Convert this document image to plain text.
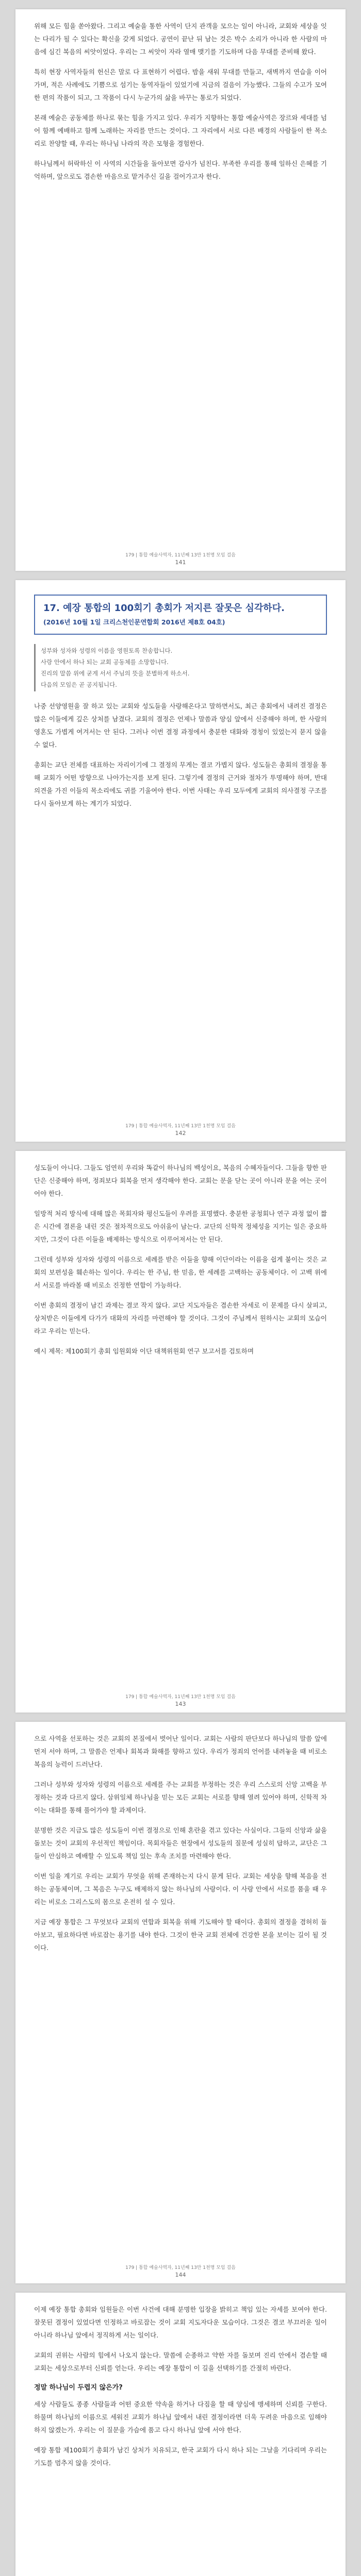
위해 모든 힘을 쏟아왔다. 그리고 예술을 통한 사역이 단지 관객을 모으는 일이 아니라, 교회와 세상을 잇는 다리가 될 수 있다는 확신을 갖게 되었다. 공연이 끝난 뒤 남는 것은 박수 소리가 아니라 한 사람의 마음에 심긴 복음의 씨앗이었다. 우리는 그 씨앗이 자라 열매 맺기를 기도하며 다음 무대를 준비해 왔다.

특히 현장 사역자들의 헌신은 말로 다 표현하기 어렵다. 밤을 새워 무대를 만들고, 새벽까지 연습을 이어가며, 적은 사례에도 기쁨으로 섬기는 동역자들이 있었기에 지금의 걸음이 가능했다. 그들의 수고가 모여 한 편의 작품이 되고, 그 작품이 다시 누군가의 삶을 바꾸는 통로가 되었다.

본래 예술은 공동체를 하나로 묶는 힘을 가지고 있다. 우리가 지향하는 통합 예술사역은 장르와 세대를 넘어 함께 예배하고 함께 노래하는 자리를 만드는 것이다. 그 자리에서 서로 다른 배경의 사람들이 한 목소리로 찬양할 때, 우리는 하나님 나라의 작은 모형을 경험한다.

하나님께서 허락하신 이 사역의 시간들을 돌아보면 감사가 넘친다. 부족한 우리를 통해 일하신 은혜를 기억하며, 앞으로도 겸손한 마음으로 맡겨주신 길을 걸어가고자 한다.

179 | 통합 예술사역자, 11년째 13만 1천명 모임 걸음
141
17. 예장 통합의 100회기 총회가 저지른 잘못은 심각하다.
(2016년 10월 1일 크리스천인문연합회 2016년 제8호 04호)

성부와 성자와 성령의 이름을 영원토록 찬송합니다.

사랑 안에서 하나 되는 교회 공동체를 소망합니다.

진리의 말씀 위에 굳게 서서 주님의 뜻을 분별하게 하소서.

다음의 모임은 곧 공지됩니다.

나중 선양영원을 잘 하고 있는 교회와 성도들을 사랑해온다고 말하면서도, 최근 총회에서 내려진 결정은 많은 이들에게 깊은 상처를 남겼다. 교회의 결정은 언제나 말씀과 양심 앞에서 신중해야 하며, 한 사람의 영혼도 가볍게 여겨서는 안 된다. 그러나 이번 결정 과정에서 충분한 대화와 경청이 있었는지 묻지 않을 수 없다.

총회는 교단 전체를 대표하는 자리이기에 그 결정의 무게는 결코 가볍지 않다. 성도들은 총회의 결정을 통해 교회가 어떤 방향으로 나아가는지를 보게 된다. 그렇기에 결정의 근거와 절차가 투명해야 하며, 반대 의견을 가진 이들의 목소리에도 귀를 기울여야 한다. 이번 사태는 우리 모두에게 교회의 의사결정 구조를 다시 돌아보게 하는 계기가 되었다.

179 | 통합 예술사역자, 11년째 13만 1천명 모임 걸음
142

성도들이 아니다. 그들도 엄연히 우리와 똑같이 하나님의 백성이요, 복음의 수혜자들이다. 그들을 향한 판단은 신중해야 하며, 정죄보다 회복을 먼저 생각해야 한다. 교회는 문을 닫는 곳이 아니라 문을 여는 곳이어야 한다.

일방적 처리 방식에 대해 많은 목회자와 평신도들이 우려를 표명했다. 충분한 공청회나 연구 과정 없이 짧은 시간에 결론을 내린 것은 절차적으로도 아쉬움이 남는다. 교단의 신학적 정체성을 지키는 일은 중요하지만, 그것이 다른 이들을 배제하는 방식으로 이루어져서는 안 된다.

그런데 성부와 성자와 성령의 이름으로 세례를 받은 이들을 향해 이단이라는 이름을 쉽게 붙이는 것은 교회의 보편성을 훼손하는 일이다. 우리는 한 주님, 한 믿음, 한 세례를 고백하는 공동체이다. 이 고백 위에서 서로를 바라볼 때 비로소 진정한 연합이 가능하다.

이번 총회의 결정이 남긴 과제는 결코 작지 않다. 교단 지도자들은 겸손한 자세로 이 문제를 다시 살피고, 상처받은 이들에게 다가가 대화의 자리를 마련해야 할 것이다. 그것이 주님께서 원하시는 교회의 모습이라고 우리는 믿는다.

예시 제목: 제100회기 총회 임원회와 이단 대책위원회 연구 보고서를 검토하며

179 | 통합 예술사역자, 11년째 13만 1천명 모임 걸음
143

으로 사역을 선포하는 것은 교회의 본질에서 벗어난 일이다. 교회는 사람의 판단보다 하나님의 말씀 앞에 먼저 서야 하며, 그 말씀은 언제나 회복과 화해를 향하고 있다. 우리가 정죄의 언어를 내려놓을 때 비로소 복음의 능력이 드러난다.

그러나 성부와 성자와 성령의 이름으로 세례를 주는 교회를 부정하는 것은 우리 스스로의 신앙 고백을 부정하는 것과 다르지 않다. 삼위일체 하나님을 믿는 모든 교회는 서로를 향해 열려 있어야 하며, 신학적 차이는 대화를 통해 풀어가야 할 과제이다.

분명한 것은 지금도 많은 성도들이 이번 결정으로 인해 혼란을 겪고 있다는 사실이다. 그들의 신앙과 삶을 돌보는 것이 교회의 우선적인 책임이다. 목회자들은 현장에서 성도들의 질문에 성실히 답하고, 교단은 그들이 안심하고 예배할 수 있도록 책임 있는 후속 조치를 마련해야 한다.

이번 일을 계기로 우리는 교회가 무엇을 위해 존재하는지 다시 묻게 된다. 교회는 세상을 향해 복음을 전하는 공동체이며, 그 복음은 누구도 배제하지 않는 하나님의 사랑이다. 이 사랑 안에서 서로를 품을 때 우리는 비로소 그리스도의 몸으로 온전히 설 수 있다.

지금 예장 통합은 그 무엇보다 교회의 연합과 회복을 위해 기도해야 할 때이다. 총회의 결정을 겸허히 돌아보고, 필요하다면 바로잡는 용기를 내야 한다. 그것이 한국 교회 전체에 건강한 본을 보이는 길이 될 것이다.

179 | 통합 예술사역자, 11년째 13만 1천명 모임 걸음
144

이제 예장 통합 총회와 임원들은 이번 사건에 대해 분명한 입장을 밝히고 책임 있는 자세를 보여야 한다. 잘못된 결정이 있었다면 인정하고 바로잡는 것이 교회 지도자다운 모습이다. 그것은 결코 부끄러운 일이 아니라 하나님 앞에서 정직하게 서는 일이다.

교회의 권위는 사람의 힘에서 나오지 않는다. 말씀에 순종하고 약한 자를 돌보며 진리 안에서 겸손할 때 교회는 세상으로부터 신뢰를 얻는다. 우리는 예장 통합이 이 길을 선택하기를 간절히 바란다.

정말 하나님이 두렵지 않은가?

세상 사람들도 종종 사람들과 어떤 중요한 약속을 하거나 다짐을 할 때 양심에 맹세하며 신뢰를 구한다. 하물며 하나님의 이름으로 세워진 교회가 하나님 앞에서 내린 결정이라면 더욱 두려운 마음으로 임해야 하지 않겠는가. 우리는 이 질문을 가슴에 품고 다시 하나님 앞에 서야 한다.

예장 통합 제100회기 총회가 남긴 상처가 치유되고, 한국 교회가 다시 하나 되는 그날을 기다리며 우리는 기도를 멈추지 않을 것이다.
